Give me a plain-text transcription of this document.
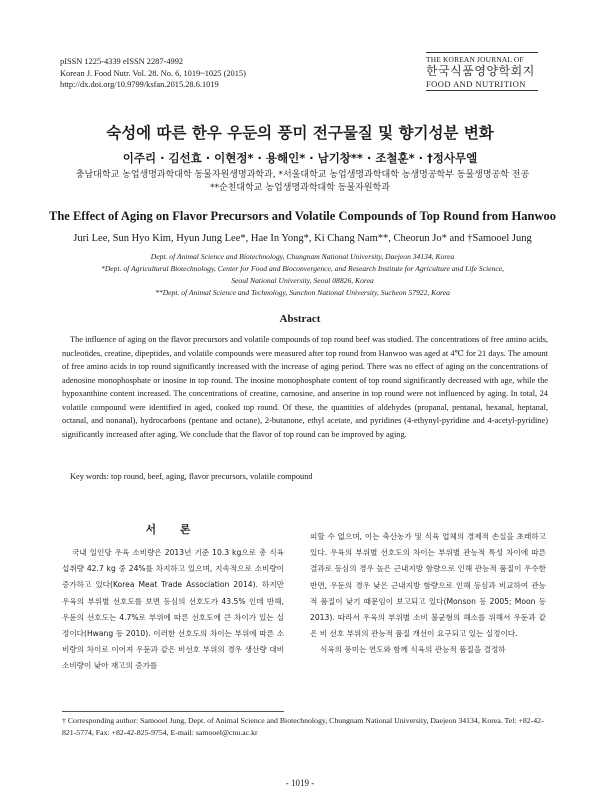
pISSN 1225-4339 eISSN 2287-4992
Korean J. Food Nutr. Vol. 28. No. 6, 1019~1025 (2015)
http://dx.doi.org/10.9799/ksfan.2015.28.6.1019
THE KOREAN JOURNAL OF
한국식품영양학회지
FOOD AND NUTRITION
숙성에 따른 한우 우둔의 풍미 전구물질 및 향기성분 변화
이주리 · 김선효 · 이현정* · 용해인* · 남기창** · 조철훈* · †정사무엘
충남대학교 농업생명과학대학 동물자원생명과학과, *서울대학교 농업생명과학대학 농생명공학부 동물생명공학 전공
**순천대학교 농업생명과학대학 동물자원학과
The Effect of Aging on Flavor Precursors and Volatile Compounds of Top Round from Hanwoo
Juri Lee, Sun Hyo Kim, Hyun Jung Lee*, Hae In Yong*, Ki Chang Nam**, Cheorun Jo* and †Samooel Jung
Dept. of Animal Science and Biotechnology, Chungnam National University, Daejeon 34134, Korea
*Dept. of Agricultural Biotechnology, Center for Food and Bioconvergence, and Research Institute for Agriculture and Life Science,
Seoul National University, Seoul 08826, Korea
**Dept. of Animal Science and Technology, Sunchon National University, Sucheon 57922, Korea
Abstract
The influence of aging on the flavor precursors and volatile compounds of top round beef was studied. The concentrations of free amino acids, nucleotides, creatine, dipeptides, and volatile compounds were measured after top round from Hanwoo was aged at 4℃ for 21 days. The amount of free amino acids in top round significantly increased with the increase of aging period. There was no effect of aging on the concentrations of adenosine monophosphate or inosine in top round. The inosine monophosphate content of top round significantly decreased with age, while the hypoxanthine content increased. The concentrations of creatine, carnosine, and anserine in top round were not influenced by aging. In total, 24 volatile compound were identified in aged, cooked top round. Of these, the quantities of aldehydes (propanal, pentanal, hexanal, heptanal, octanal, and nonanal), hydrocarbons (pentane and octane), 2-butanone, ethyl acetate, and pyridines (4-ethynyl-pyridine and 4-acetyl-pyridine) significantly increased after aging. We conclude that the flavor of top round can be improved by aging.
Key words: top round, beef, aging, flavor precursors, volatile compound
서 론
국내 일인당 우육 소비량은 2013년 기준 10.3 kg으로 총 식육 섭취량 42.7 kg 중 24%를 차지하고 있으며, 지속적으로 소비량이 증가하고 있다(Korea Meat Trade Association 2014). 하지만 우육의 부위별 선호도를 보면 등심의 선호도가 43.5% 인데 반해, 우둔의 선호도는 4.7%로 부위에 따른 선호도에 큰 차이가 있는 실정이다(Hwang 등 2010). 이러한 선호도의 차이는 부위에 따른 소비량의 차이로 이어져 우둔과 같은 비선호 부위의 경우 생산량 대비 소비량이 낮아 재고의 증가를

피할 수 없으며, 이는 축산농가 및 식육 업체의 경제적 손실을 초래하고 있다. 우육의 부위별 선호도의 차이는 부위별 관능적 특성 차이에 따른 결과로 등심의 경우 높은 근내지방 함량으로 인해 관능적 품질이 우수한 반면, 우둔의 경우 낮은 근내지방 함량으로 인해 등심과 비교하여 관능적 품질이 낮기 때문임이 보고되고 있다(Monson 등 2005; Moon 등 2013). 따라서 우육의 부위별 소비 불균형의 해소를 위해서 우둔과 같은 비 선호 부위의 관능적 품질 개선이 요구되고 있는 실정이다.

식육의 풍미는 연도와 함께 식육의 관능적 품질을 결정하

† Corresponding author: Samooel Jung, Dept. of Animal Science and Biotechnology, Chungnam National University, Daejeon 34134, Korea. Tel: +82-42-821-5774, Fax: +82-42-825-9754, E-mail: samooel@cnu.ac.kr
- 1019 -
